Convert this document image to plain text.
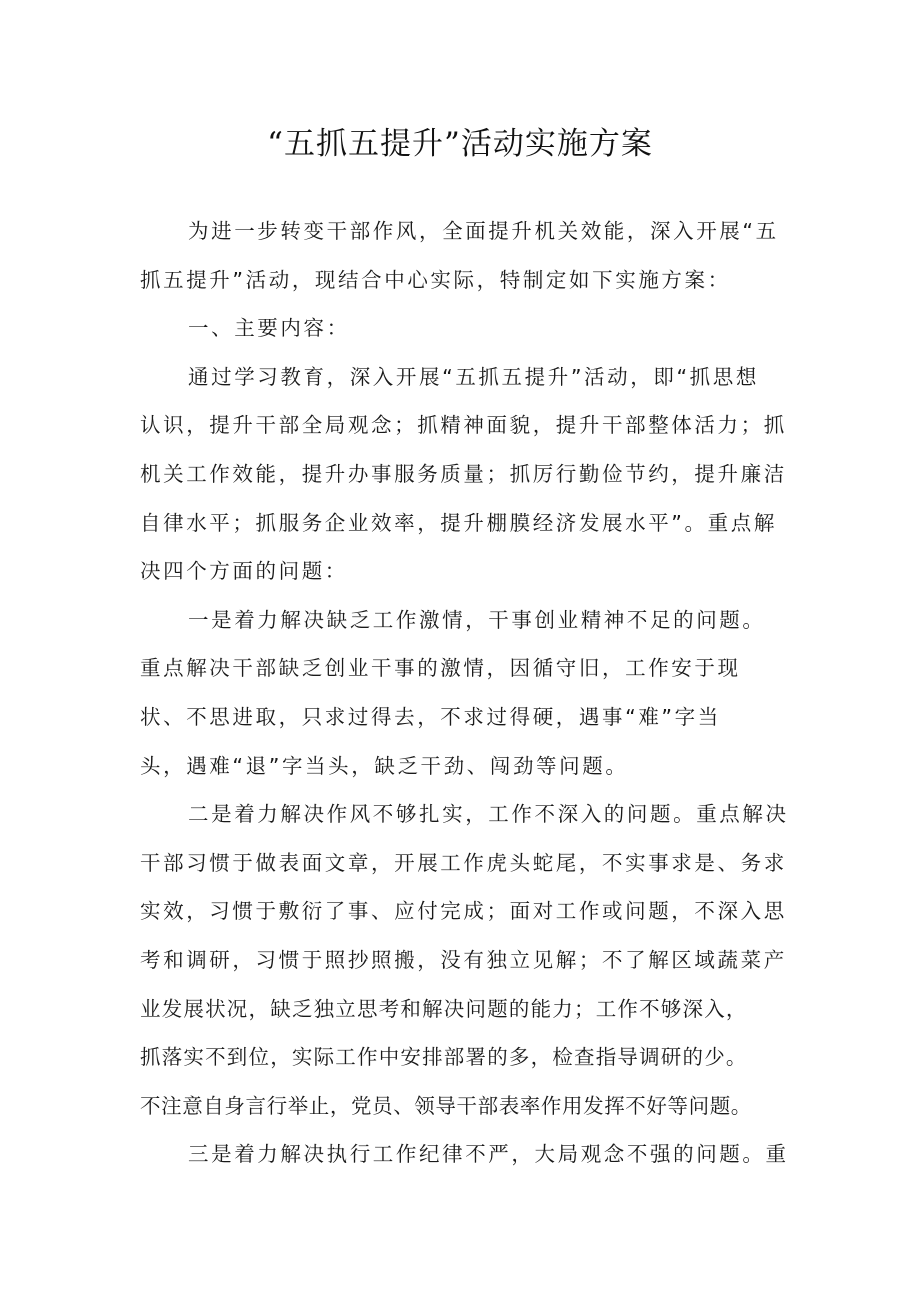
“五抓五提升”活动实施方案
为进一步转变干部作风，全面提升机关效能，深入开展“五
抓五提升”活动，现结合中心实际，特制定如下实施方案：
一、主要内容：
通过学习教育，深入开展“五抓五提升”活动，即“抓思想
认识，提升干部全局观念；抓精神面貌，提升干部整体活力；抓
机关工作效能，提升办事服务质量；抓厉行勤俭节约，提升廉洁
自律水平；抓服务企业效率，提升棚膜经济发展水平”。重点解
决四个方面的问题：
一是着力解决缺乏工作激情，干事创业精神不足的问题。
重点解决干部缺乏创业干事的激情，因循守旧，工作安于现
状、不思进取，只求过得去，不求过得硬，遇事“难”字当
头，遇难“退”字当头，缺乏干劲、闯劲等问题。
二是着力解决作风不够扎实，工作不深入的问题。重点解决
干部习惯于做表面文章，开展工作虎头蛇尾，不实事求是、务求
实效，习惯于敷衍了事、应付完成；面对工作或问题，不深入思
考和调研，习惯于照抄照搬，没有独立见解；不了解区域蔬菜产
业发展状况，缺乏独立思考和解决问题的能力；工作不够深入，
抓落实不到位，实际工作中安排部署的多，检查指导调研的少。
不注意自身言行举止，党员、领导干部表率作用发挥不好等问题。
三是着力解决执行工作纪律不严，大局观念不强的问题。重
